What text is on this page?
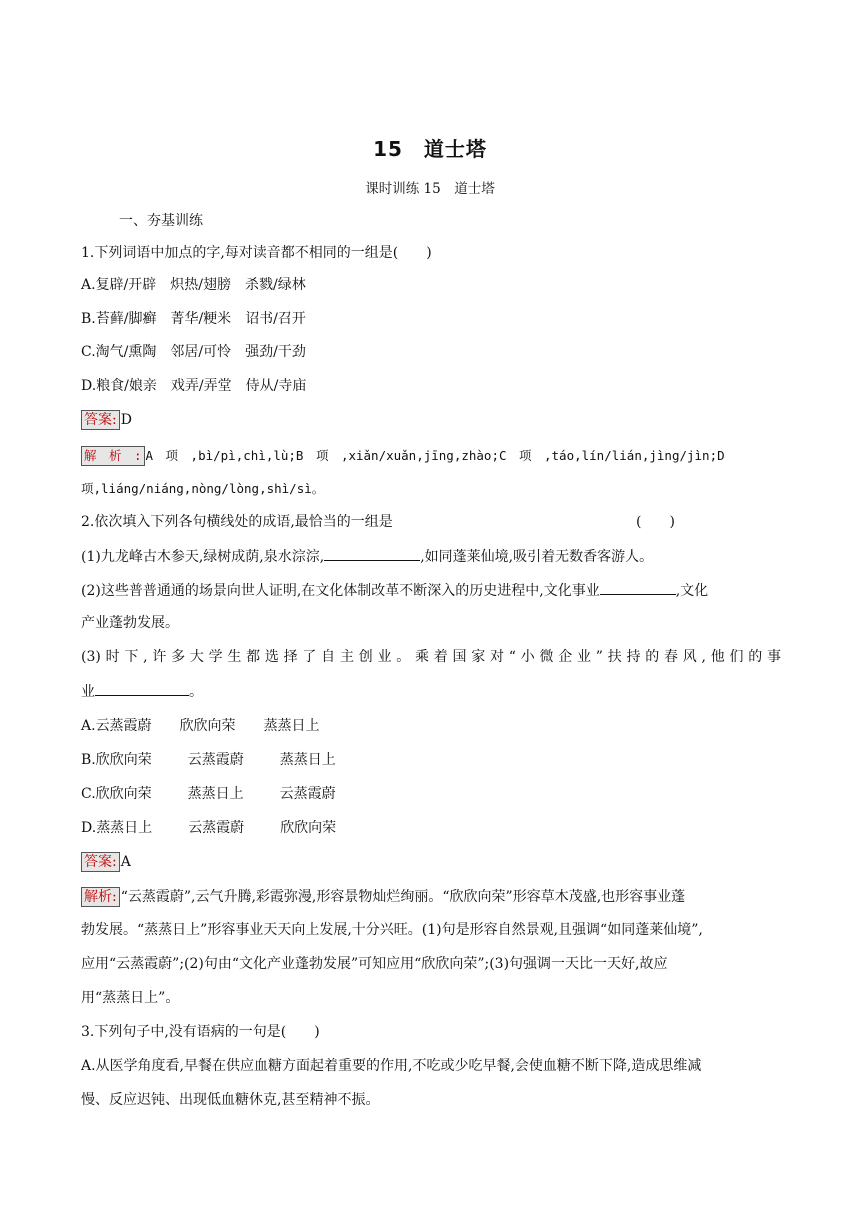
15　道士塔
课时训练 15　道士塔
一、夯基训练
1.下列词语中加点的字,每对读音都不相同的一组是(　　)
A.复辟/开辟 炽热/翅膀 杀戮/绿林
B.苔藓/脚癣 菁华/粳米 诏书/召开
C.淘气/熏陶 邻居/可怜 强劲/干劲
D.粮食/娘亲 戏弄/弄堂 侍从/寺庙
答案: D
解　析　: A　项　,bì/pì,chì,lù;B　项　,xiǎn/xuǎn,jīng,zhào;C　项　,táo,lín/lián,jìng/jìn;D
项,liáng/niáng,nòng/lòng,shì/sì。
2.依次填入下列各句横线处的成语,最恰当的一组是	(　　)
(1)九龙峰古木参天,绿树成荫,泉水淙淙,	,如同蓬莱仙境,吸引着无数香客游人。
(2)这些普普通通的场景向世人证明,在文化体制改革不断深入的历史进程中,文化事业	,文化
产业蓬勃发展。
(3)时下,许多大学生都选择了自主创业。乘着国家对“小微企业”扶持的春风,他们的事
业	。
A.云蒸霞蔚 欣欣向荣 蒸蒸日上
B.欣欣向荣	云蒸霞蔚	蒸蒸日上
C.欣欣向荣	蒸蒸日上	云蒸霞蔚
D.蒸蒸日上	云蒸霞蔚	欣欣向荣
答案: A
解析: “云蒸霞蔚”,云气升腾,彩霞弥漫,形容景物灿烂绚丽。“欣欣向荣”形容草木茂盛,也形容事业蓬
勃发展。“蒸蒸日上”形容事业天天向上发展,十分兴旺。(1)句是形容自然景观,且强调“如同蓬莱仙境”,
应用“云蒸霞蔚”;(2)句由“文化产业蓬勃发展”可知应用“欣欣向荣”;(3)句强调一天比一天好,故应
用“蒸蒸日上”。
3.下列句子中,没有语病的一句是(　　)
A.从医学角度看,早餐在供应血糖方面起着重要的作用,不吃或少吃早餐,会使血糖不断下降,造成思维减
慢、反应迟钝、出现低血糖休克,甚至精神不振。
